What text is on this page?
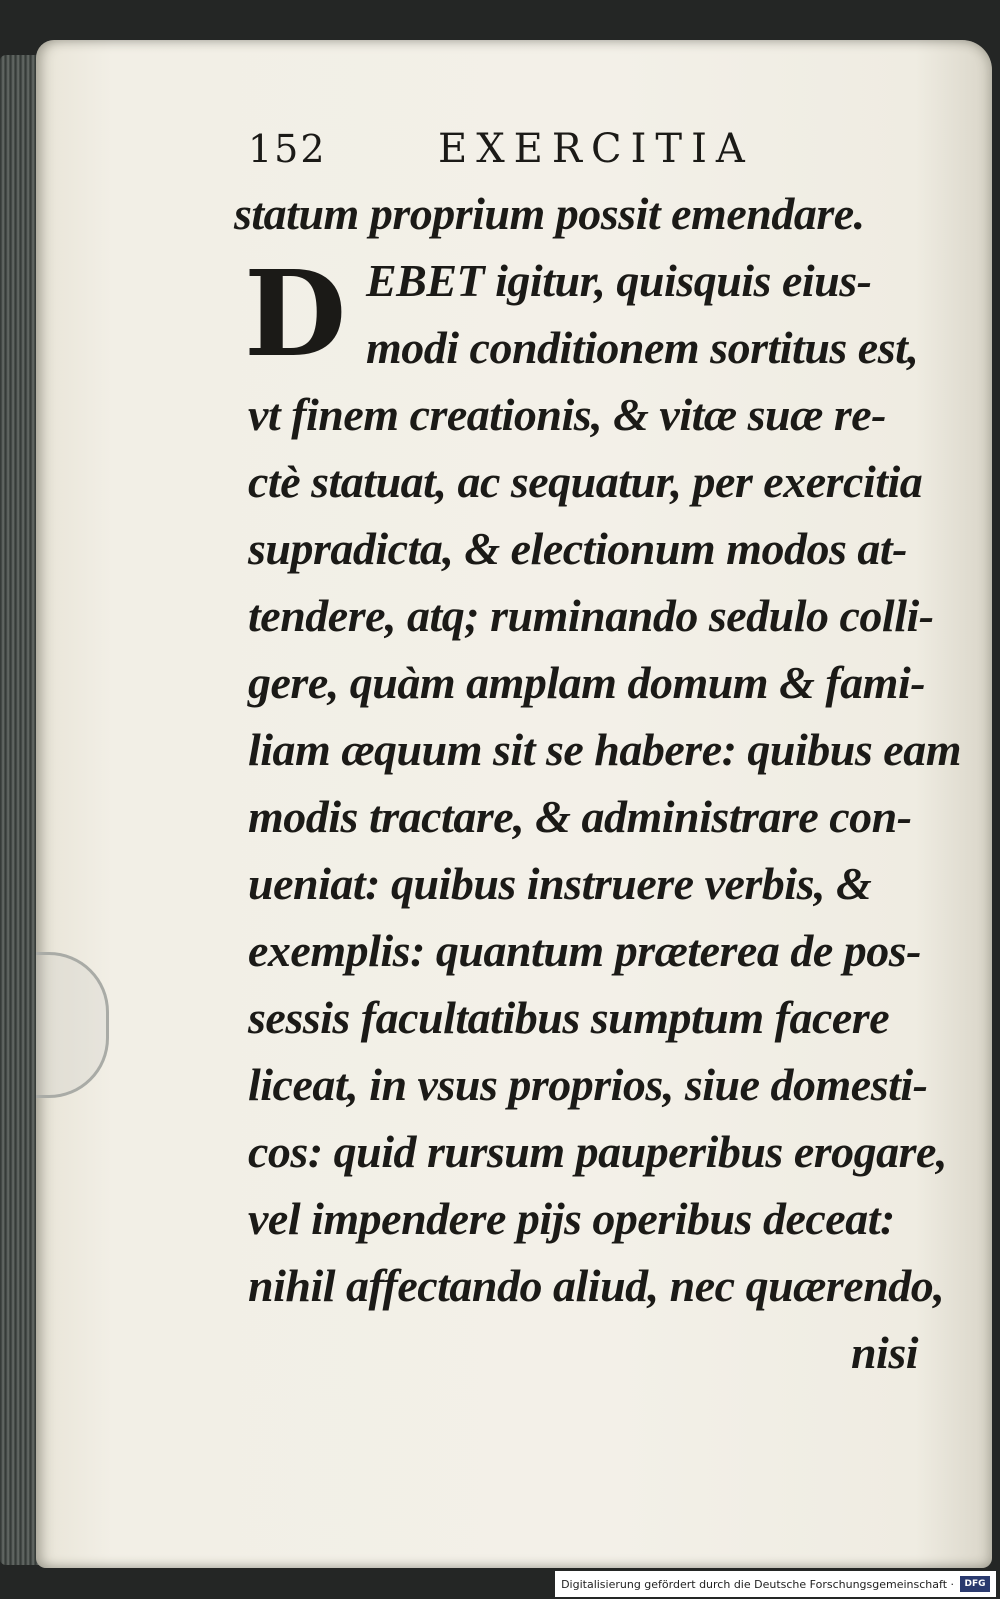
152	EXERCITIA
statum proprium possit emendare.
D EBET igitur, quisquis eius-
modi conditionem sortitus est,
vt finem creationis, & vitæ suæ re-
ctè statuat, ac sequatur, per exercitia
supradicta, & electionum modos at-
tendere, atq; ruminando sedulo colli-
gere, quàm amplam domum & fami-
liam æquum sit se habere: quibus eam
modis tractare, & administrare con-
ueniat: quibus instruere verbis, &
exemplis: quantum præterea de pos-
sessis facultatibus sumptum facere
liceat, in vsus proprios, siue domesti-
cos: quid rursum pauperibus erogare,
vel impendere pijs operibus deceat:
nihil affectando aliud, nec quærendo,
nisi
Digitalisierung gefördert durch die Deutsche Forschungsgemeinschaft ·	DFG
